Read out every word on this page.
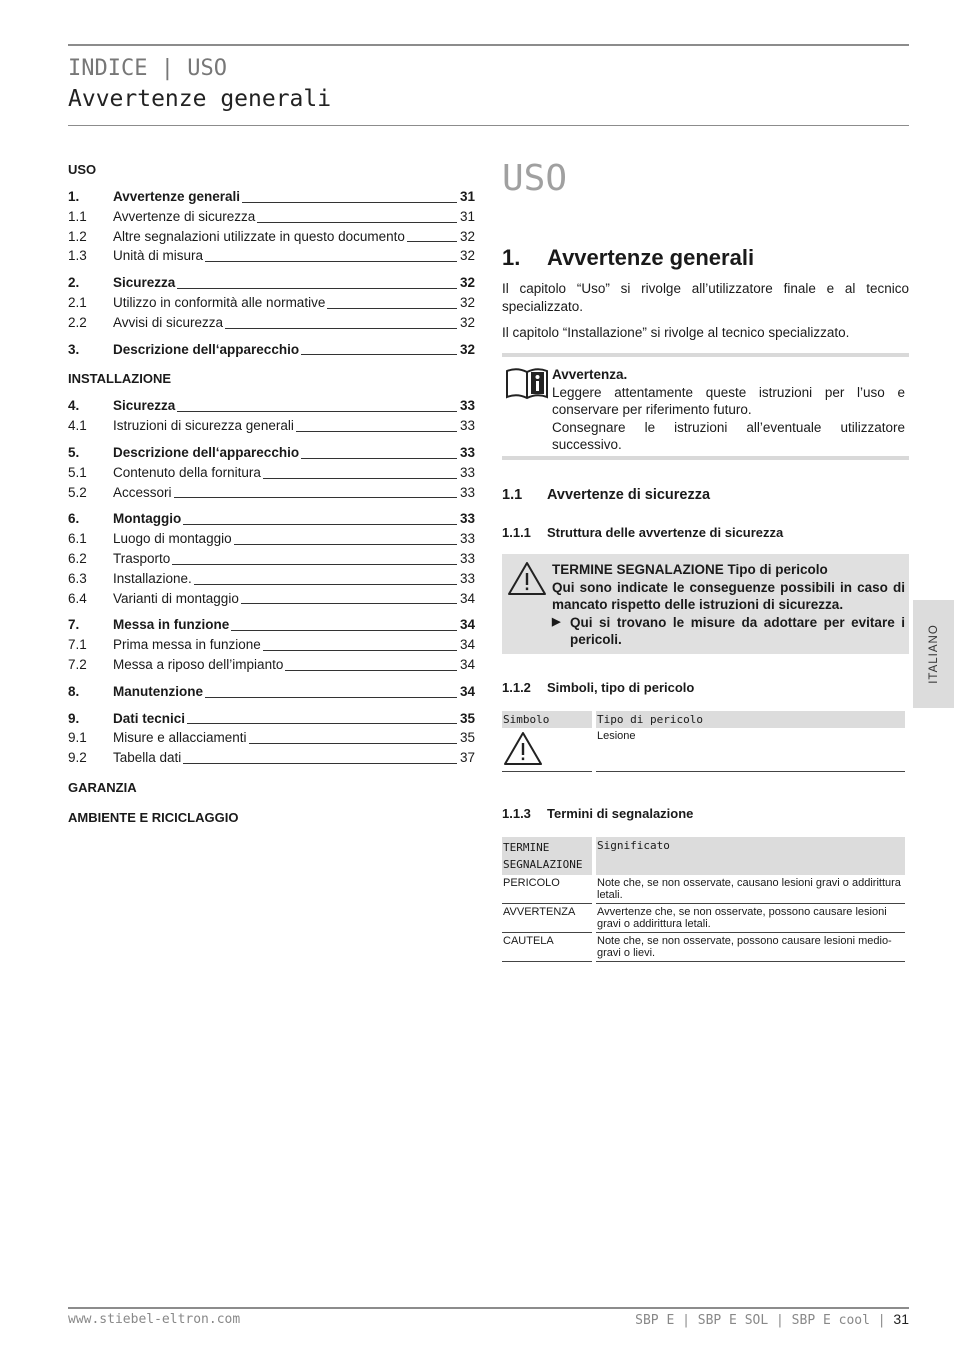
INDICE | USO
Avvertenze generali
USO
1.	Avvertenze generali	31
1.1	Avvertenze di sicurezza	31
1.2	Altre segnalazioni utilizzate in questo documento	32
1.3	Unità di misura	32
2.	Sicurezza	32
2.1	Utilizzo in conformità alle normative	32
2.2	Avvisi di sicurezza	32
3.	Descrizione dell‘apparecchio	32
INSTALLAZIONE
4.	Sicurezza	33
4.1	Istruzioni di sicurezza generali	33
5.	Descrizione dell‘apparecchio	33
5.1	Contenuto della fornitura	33
5.2	Accessori	33
6.	Montaggio	33
6.1	Luogo di montaggio	33
6.2	Trasporto	33
6.3	Installazione.	33
6.4	Varianti di montaggio	34
7.	Messa in funzione	34
7.1	Prima messa in funzione	34
7.2	Messa a riposo dell’impianto	34
8.	Manutenzione	34
9.	Dati tecnici	35
9.1	Misure e allacciamenti	35
9.2	Tabella dati	37
GARANZIA
AMBIENTE E RICICLAGGIO
USO
1. Avvertenze generali
Il capitolo “Uso” si rivolge all’utilizzatore finale e al tecnico specializzato.
Il capitolo “Installazione” si rivolge al tecnico specializzato.
Avvertenza.
Leggere attentamente queste istruzioni per l’uso e conservare per riferimento futuro.
Consegnare le istruzioni all’eventuale utilizzatore successivo.
1.1 Avvertenze di sicurezza
1.1.1 Struttura delle avvertenze di sicurezza
TERMINE SEGNALAZIONE Tipo di pericolo
Qui sono indicate le conseguenze possibili in caso di mancato rispetto delle istruzioni di sicurezza.
▶ Qui si trovano le misure da adottare per evitare i pericoli.
1.1.2 Simboli, tipo di pericolo
Simbolo	Tipo di pericolo
	Lesione
1.1.3 Termini di segnalazione
TERMINE SEGNALAZIONE	Significato
PERICOLO	Note che, se non osservate, causano lesioni gravi o addirittura letali.
AVVERTENZA	Avvertenze che, se non osservate, possono causare lesioni gravi o addirittura letali.
CAUTELA	Note che, se non osservate, possono causare lesioni medio-gravi o lievi.
ITALIANO
www.stiebel-eltron.com	SBP E | SBP E SOL | SBP E cool | 31
